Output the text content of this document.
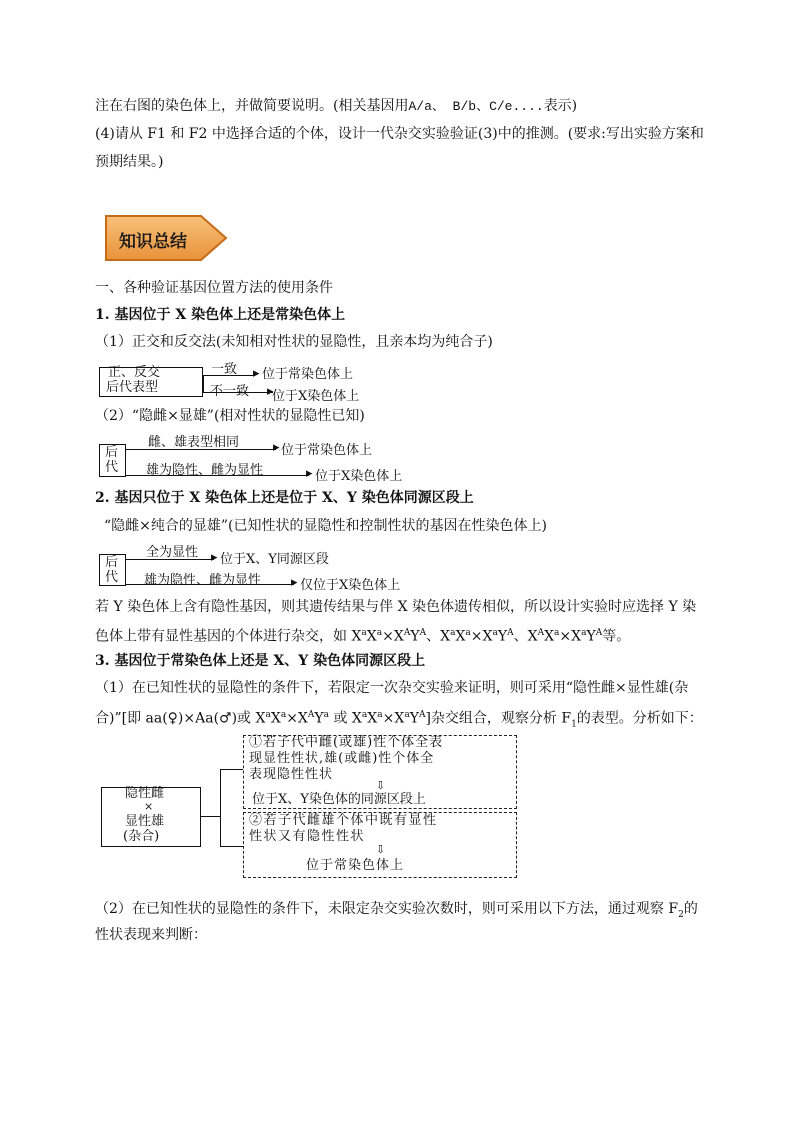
注在右图的染色体上，并做简要说明。(相关基因用A/a、 B/b、C/e....表示)
(4)请从 F1 和 F2 中选择合适的个体，设计一代杂交实验验证(3)中的推测。(要求:写出实验方案和
预期结果。)
知识总结
一、各种验证基因位置方法的使用条件
1. 基因位于 X 染色体上还是常染色体上
（1）正交和反交法(未知相对性状的显隐性，且亲本均为纯合子)
正、反交
后代表型
一致
不一致
▸
▸
位于常染色体上
位于X染色体上
（2）“隐雌×显雄”(相对性状的显隐性已知)
后
代
雌、雄表型相同
雄为隐性、雌为显性
▸
▸
位于常染色体上
位于X染色体上
2. 基因只位于 X 染色体上还是位于 X、Y 染色体同源区段上
“隐雌×纯合的显雄”(已知性状的显隐性和控制性状的基因在性染色体上)
后
代
全为显性
雄为隐性、雌为显性
▸
▸
位于X、Y同源区段
仅位于X染色体上
若 Y 染色体上含有隐性基因，则其遗传结果与伴 X 染色体遗传相似，所以设计实验时应选择 Y 染
色体上带有显性基因的个体进行杂交，如 $X^aX^a\times X^AY^A$、$X^aX^a\times X^aY^A$、$X^AX^a\times X^aY^A$等。
3. 基因位于常染色体上还是 X、Y 染色体同源区段上
（1）在已知性状的显隐性的条件下，若限定一次杂交实验来证明，则可采用“隐性雌×显性雄(杂
合)”[即 aa(♀)×Aa(♂)或 $X^aX^a\times X^AY^a$ 或 $X^aX^a\times X^aY^A$]杂交组合，观察分析 $F_1$的表型。分析如下：
隐性雌
×
显性雄
(杂合)
①若子代中雌(或雄)性个体全表
现显性性状,雄(或雌)性个体全
表现隐性性状
⇩
位于X、Y染色体的同源区段上
②若子代雌雄个体中既有显性
性状又有隐性性状
⇩
位于常染色体上
（2）在已知性状的显隐性的条件下，未限定杂交实验次数时，则可采用以下方法，通过观察 $F_2$的
性状表现来判断：
